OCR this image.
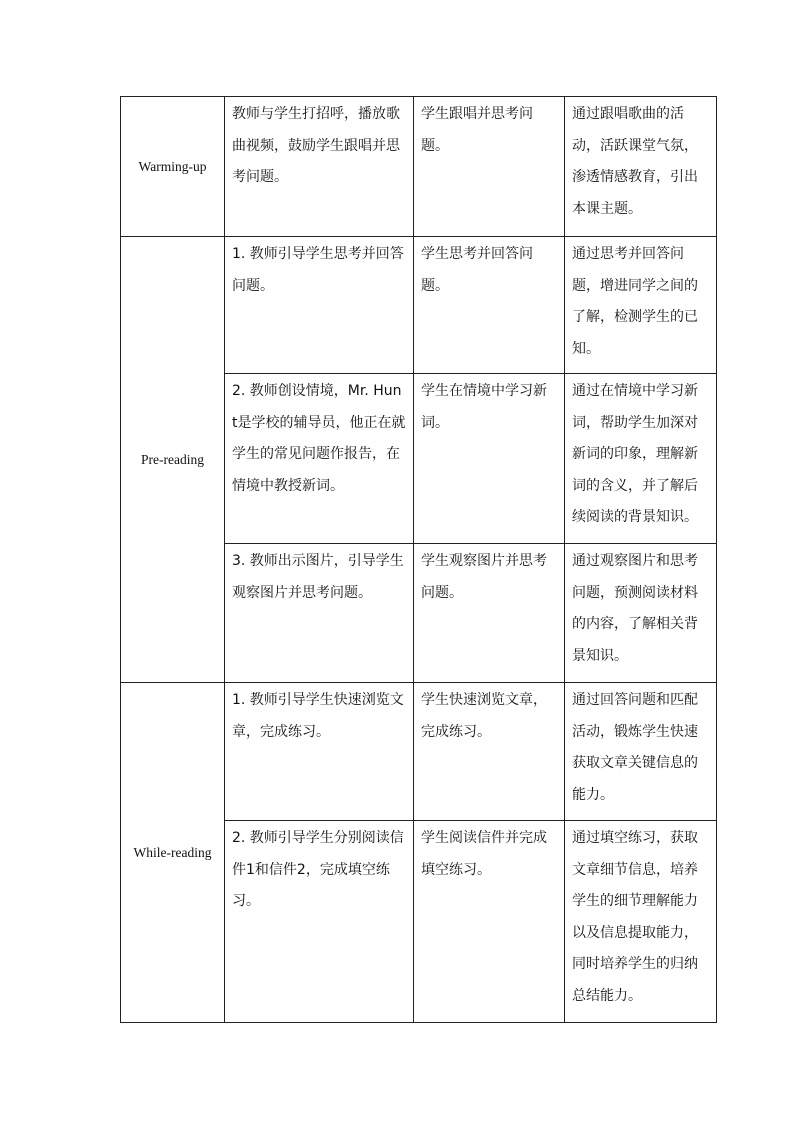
Warming-up	教师与学生打招呼，播放歌曲视频，鼓励学生跟唱并思考问题。	学生跟唱并思考问题。	通过跟唱歌曲的活动，活跃课堂气氛，渗透情感教育，引出本课主题。
Pre-reading	1. 教师引导学生思考并回答问题。	学生思考并回答问题。	通过思考并回答问题，增进同学之间的了解，检测学生的已知。
	2. 教师创设情境，Mr. Hunt是学校的辅导员，他正在就学生的常见问题作报告，在情境中教授新词。	学生在情境中学习新词。	通过在情境中学习新词，帮助学生加深对新词的印象，理解新词的含义，并了解后续阅读的背景知识。
	3. 教师出示图片，引导学生观察图片并思考问题。	学生观察图片并思考问题。	通过观察图片和思考问题，预测阅读材料的内容，了解相关背景知识。
While-reading	1. 教师引导学生快速浏览文章，完成练习。	学生快速浏览文章，完成练习。	通过回答问题和匹配活动，锻炼学生快速获取文章关键信息的能力。
	2. 教师引导学生分别阅读信件1和信件2，完成填空练习。	学生阅读信件并完成填空练习。	通过填空练习，获取文章细节信息，培养学生的细节理解能力以及信息提取能力，同时培养学生的归纳总结能力。
